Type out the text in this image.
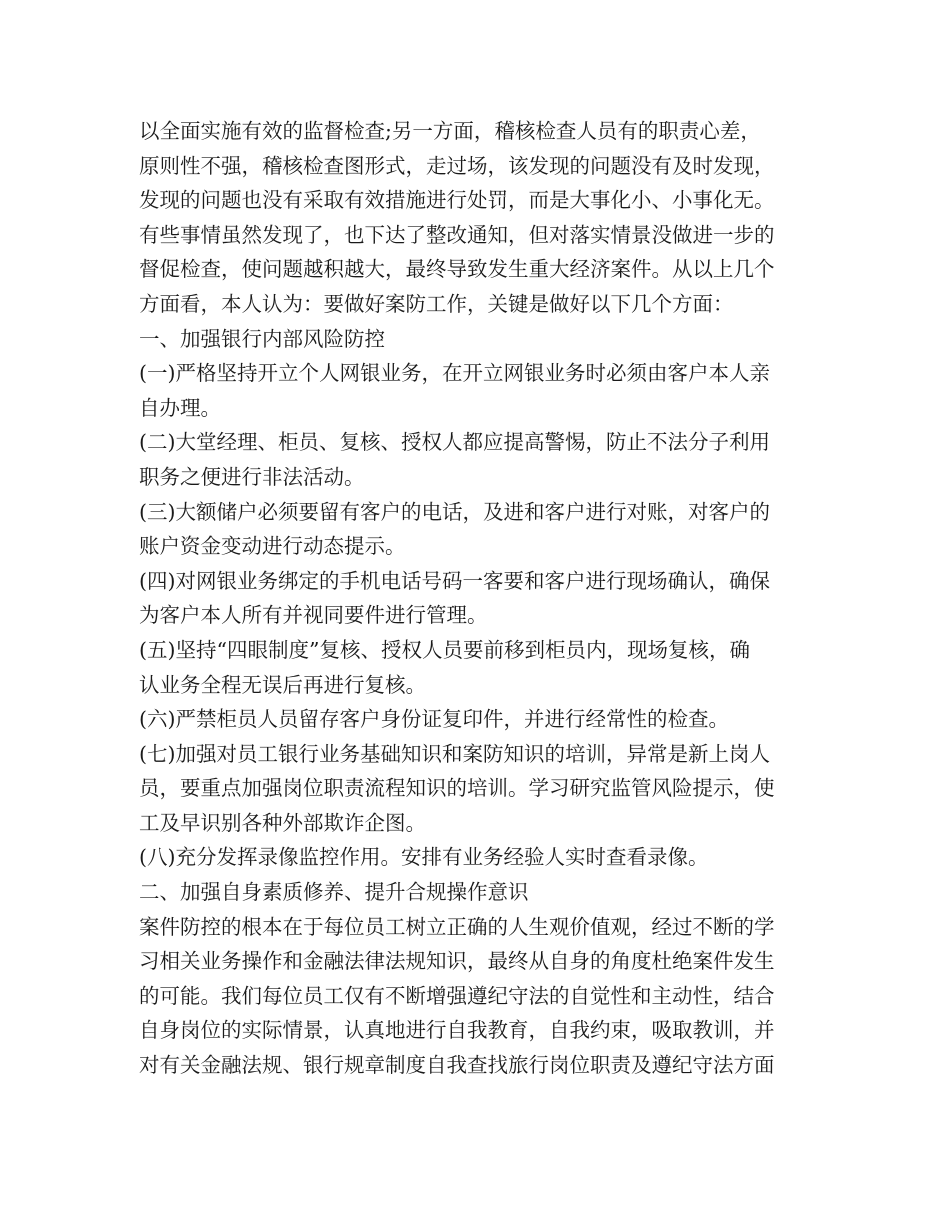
以全面实施有效的监督检查;另一方面，稽核检查人员有的职责心差，
原则性不强，稽核检查图形式，走过场，该发现的问题没有及时发现，
发现的问题也没有采取有效措施进行处罚，而是大事化小、小事化无。
有些事情虽然发现了，也下达了整改通知，但对落实情景没做进一步的
督促检查，使问题越积越大，最终导致发生重大经济案件。从以上几个
方面看，本人认为：要做好案防工作，关键是做好以下几个方面：
一、加强银行内部风险防控
(一)严格坚持开立个人网银业务，在开立网银业务时必须由客户本人亲
自办理。
(二)大堂经理、柜员、复核、授权人都应提高警惕，防止不法分子利用
职务之便进行非法活动。
(三)大额储户必须要留有客户的电话，及进和客户进行对账，对客户的
账户资金变动进行动态提示。
(四)对网银业务绑定的手机电话号码一客要和客户进行现场确认，确保
为客户本人所有并视同要件进行管理。
(五)坚持“四眼制度”复核、授权人员要前移到柜员内，现场复核，确
认业务全程无误后再进行复核。
(六)严禁柜员人员留存客户身份证复印件，并进行经常性的检查。
(七)加强对员工银行业务基础知识和案防知识的培训，异常是新上岗人
员，要重点加强岗位职责流程知识的培训。学习研究监管风险提示，使
工及早识别各种外部欺诈企图。
(八)充分发挥录像监控作用。安排有业务经验人实时查看录像。
二、加强自身素质修养、提升合规操作意识
案件防控的根本在于每位员工树立正确的人生观价值观，经过不断的学
习相关业务操作和金融法律法规知识，最终从自身的角度杜绝案件发生
的可能。我们每位员工仅有不断增强遵纪守法的自觉性和主动性，结合
自身岗位的实际情景，认真地进行自我教育，自我约束，吸取教训，并
对有关金融法规、银行规章制度自我查找旅行岗位职责及遵纪守法方面
